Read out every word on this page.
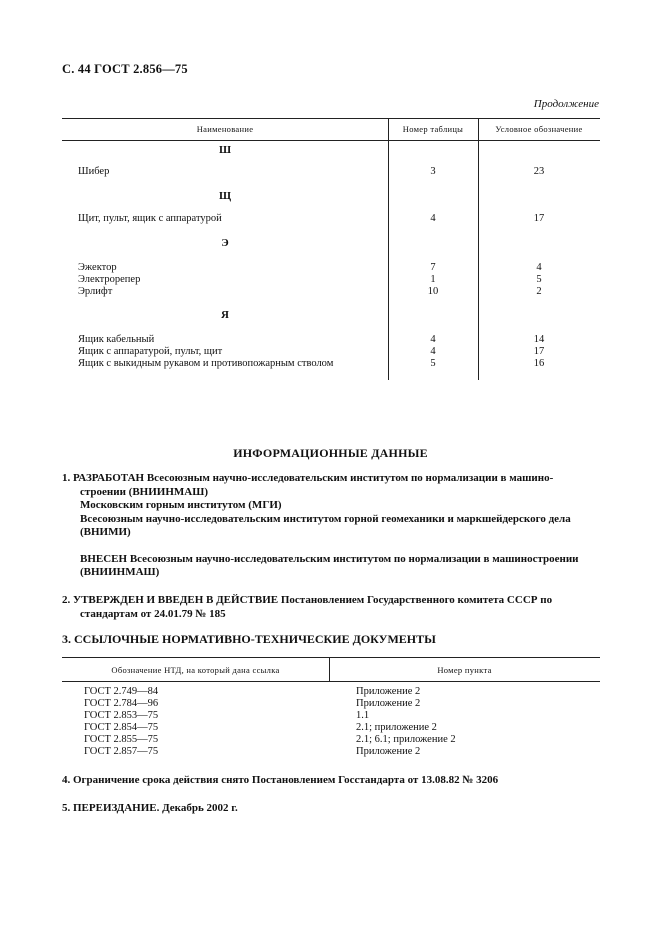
С. 44 ГОСТ 2.856—75
Продолжение
Наименование	Номер таблицы	Условное обозначение
Ш
Шибер	3	23
Щ
Щит, пульт, ящик с аппаратурой	4	17
Э
Эжектор	7	4
Электрорепер	1	5
Эрлифт	10	2
Я
Ящик кабельный	4	14
Ящик с аппаратурой, пульт, щит	4	17
Ящик с выкидным рукавом и противопожарным стволом	5	16
ИНФОРМАЦИОННЫЕ ДАННЫЕ
1. РАЗРАБОТАН Всесоюзным научно-исследовательским институтом по нормализации в машино-
строении (ВНИИНМАШ)
Московским горным институтом (МГИ)
Всесоюзным научно-исследовательским институтом горной геомеханики и маркшейдерского дела
(ВНИМИ)
ВНЕСЕН Всесоюзным научно-исследовательским институтом по нормализации в машиностроении
(ВНИИНМАШ)
2. УТВЕРЖДЕН И ВВЕДЕН В ДЕЙСТВИЕ Постановлением Государственного комитета СССР по
стандартам от 24.01.79 № 185
3. ССЫЛОЧНЫЕ НОРМАТИВНО-ТЕХНИЧЕСКИЕ ДОКУМЕНТЫ
Обозначение НТД, на который дана ссылка	Номер пункта
ГОСТ 2.749—84	Приложение 2
ГОСТ 2.784—96	Приложение 2
ГОСТ 2.853—75	1.1
ГОСТ 2.854—75	2.1; приложение 2
ГОСТ 2.855—75	2.1; 6.1; приложение 2
ГОСТ 2.857—75	Приложение 2
4. Ограничение срока действия снято Постановлением Госстандарта от 13.08.82 № 3206
5. ПЕРЕИЗДАНИЕ. Декабрь 2002 г.
